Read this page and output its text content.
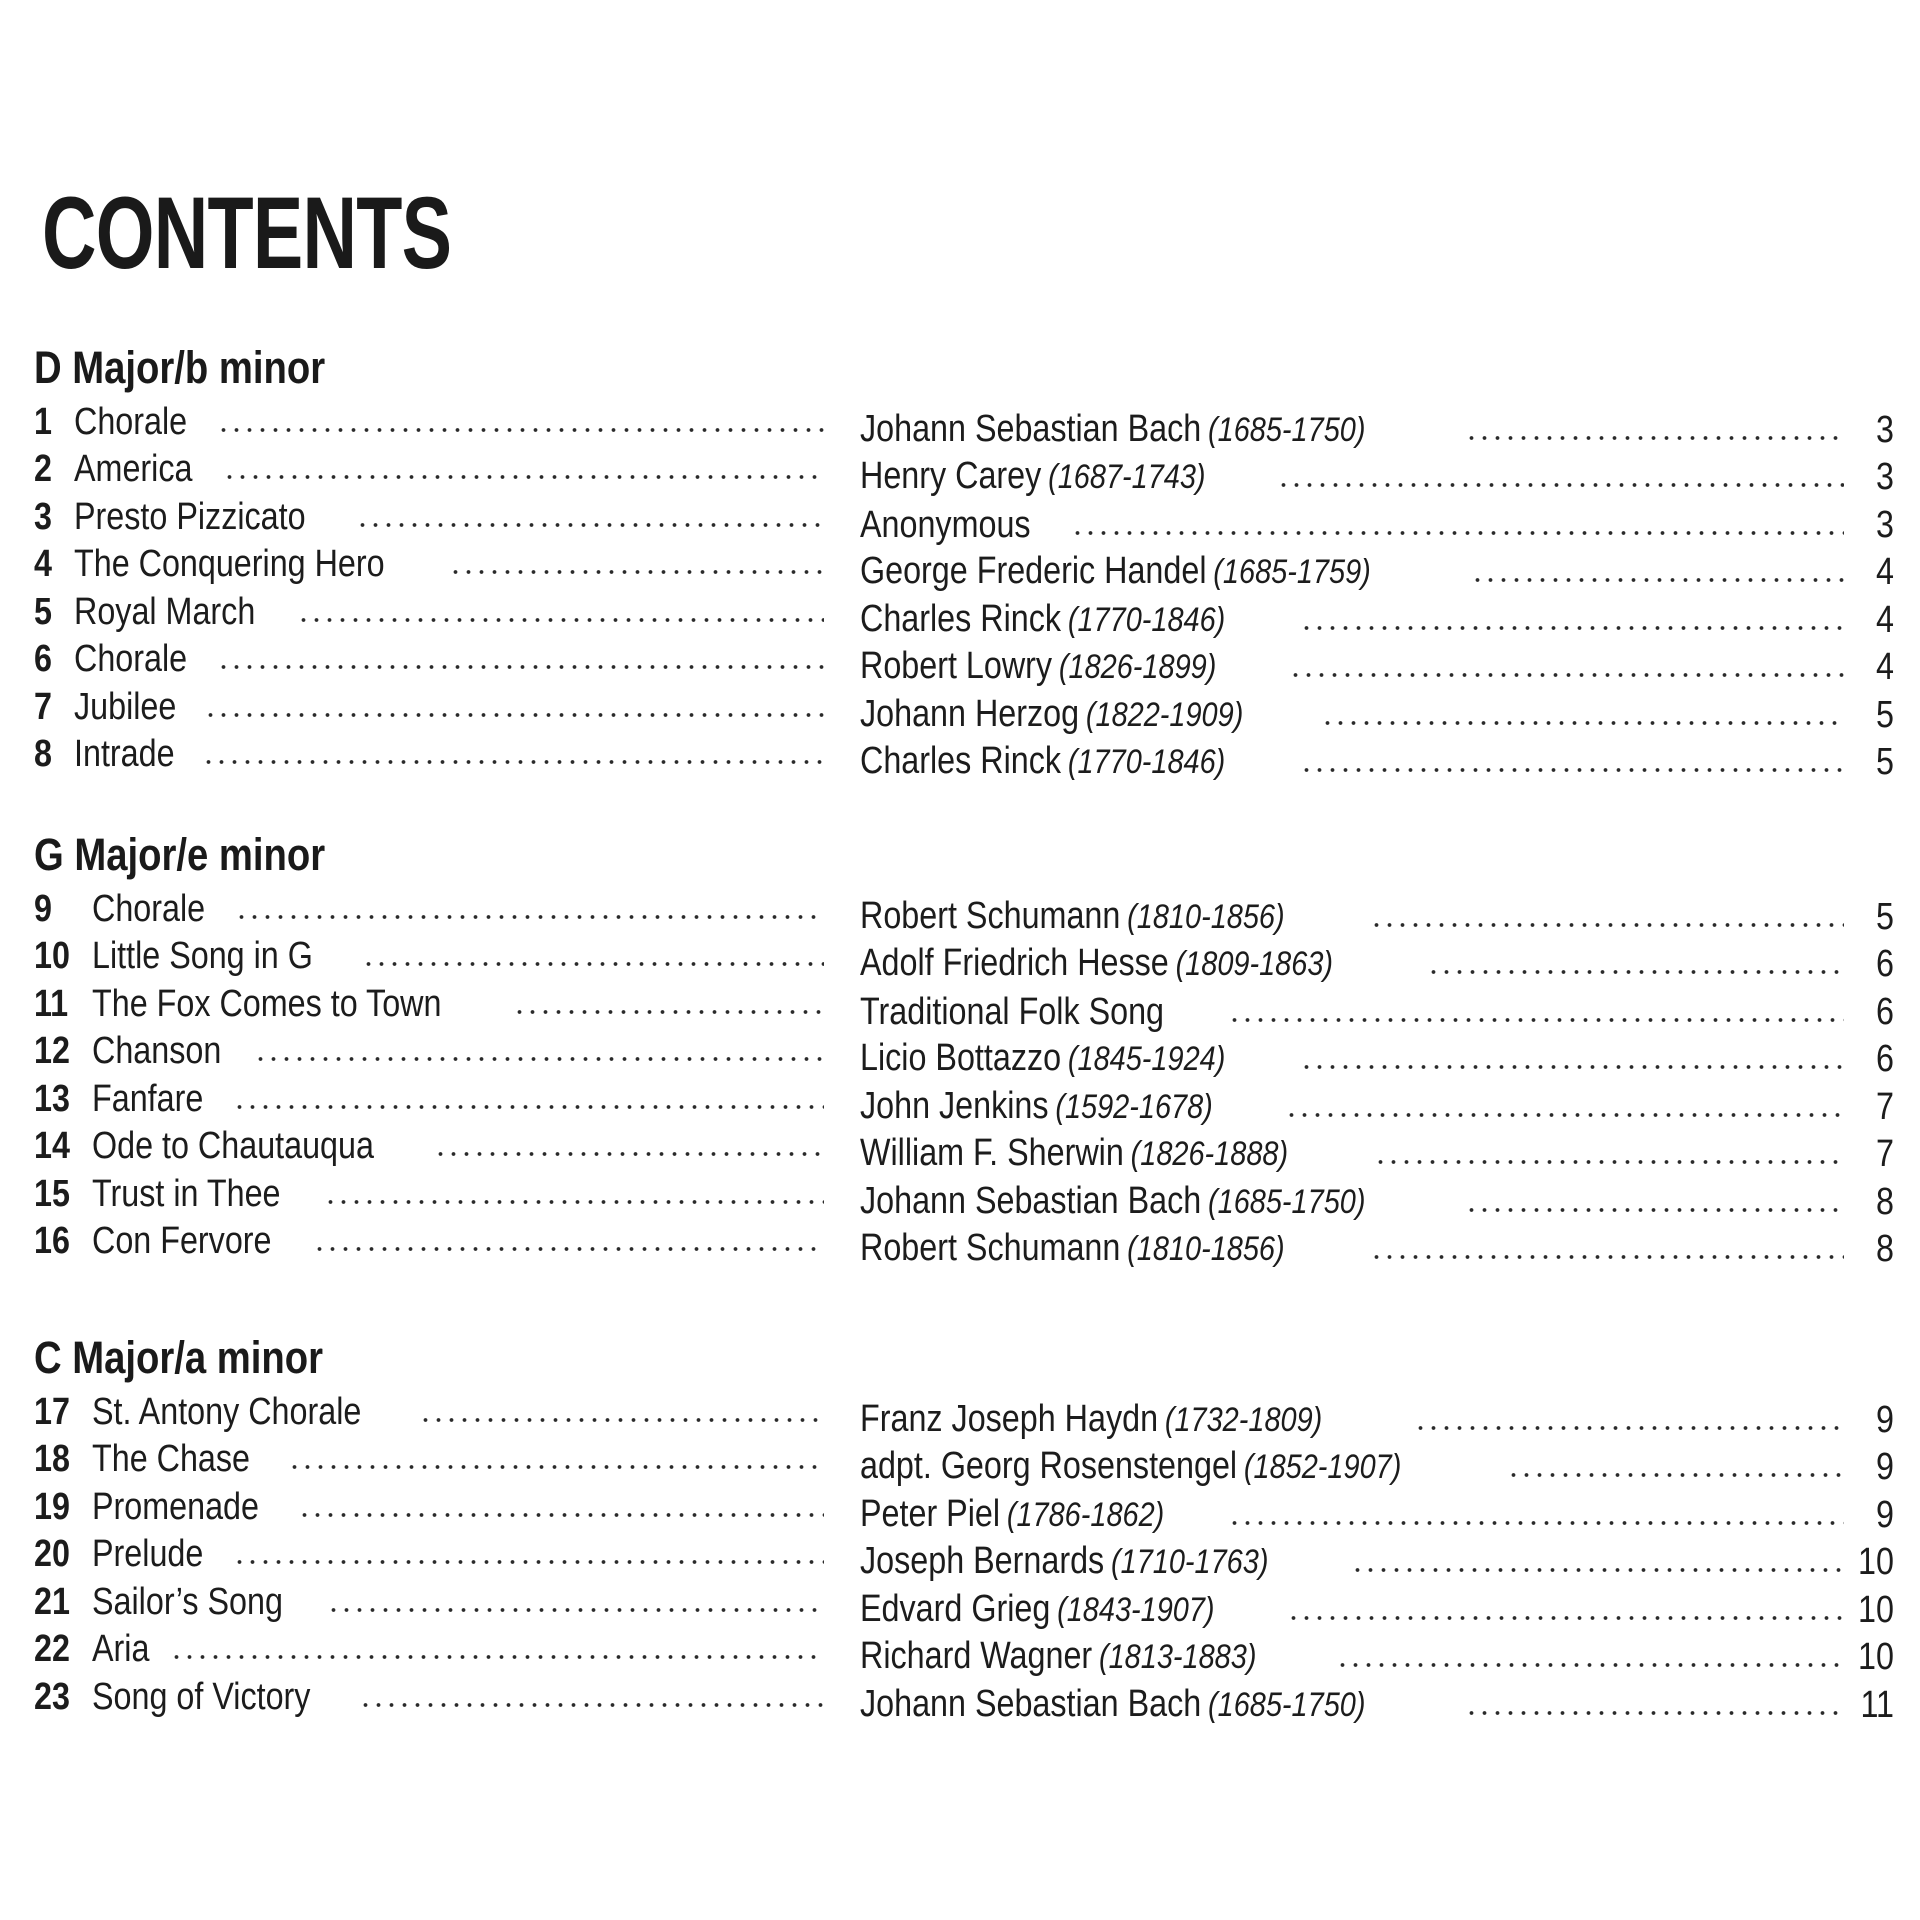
CONTENTS
D Major/b minor
1 Chorale	Johann Sebastian Bach (1685-1750)	3
2 America	Henry Carey (1687-1743)	3
3 Presto Pizzicato	Anonymous	3
4 The Conquering Hero	George Frederic Handel (1685-1759)	4
5 Royal March	Charles Rinck (1770-1846)	4
6 Chorale	Robert Lowry (1826-1899)	4
7 Jubilee	Johann Herzog (1822-1909)	5
8 Intrade	Charles Rinck (1770-1846)	5
G Major/e minor
9	Chorale	Robert Schumann (1810-1856)	5
10 Little Song in G	Adolf Friedrich Hesse (1809-1863)	6
11 The Fox Comes to Town	Traditional Folk Song	6
12 Chanson	Licio Bottazzo (1845-1924)	6
13 Fanfare	John Jenkins (1592-1678)	7
14 Ode to Chautauqua	William F. Sherwin (1826-1888)	7
15 Trust in Thee	Johann Sebastian Bach (1685-1750)	8
16 Con Fervore	Robert Schumann (1810-1856)	8
C Major/a minor
17 St. Antony Chorale	Franz Joseph Haydn (1732-1809)	9
18 The Chase	adpt. Georg Rosenstengel (1852-1907)	9
19 Promenade	Peter Piel (1786-1862)	9
20 Prelude	Joseph Bernards (1710-1763)	10
21 Sailor’s Song	Edvard Grieg (1843-1907)	10
22 Aria	Richard Wagner (1813-1883)	10
23 Song of Victory	Johann Sebastian Bach (1685-1750)	11
